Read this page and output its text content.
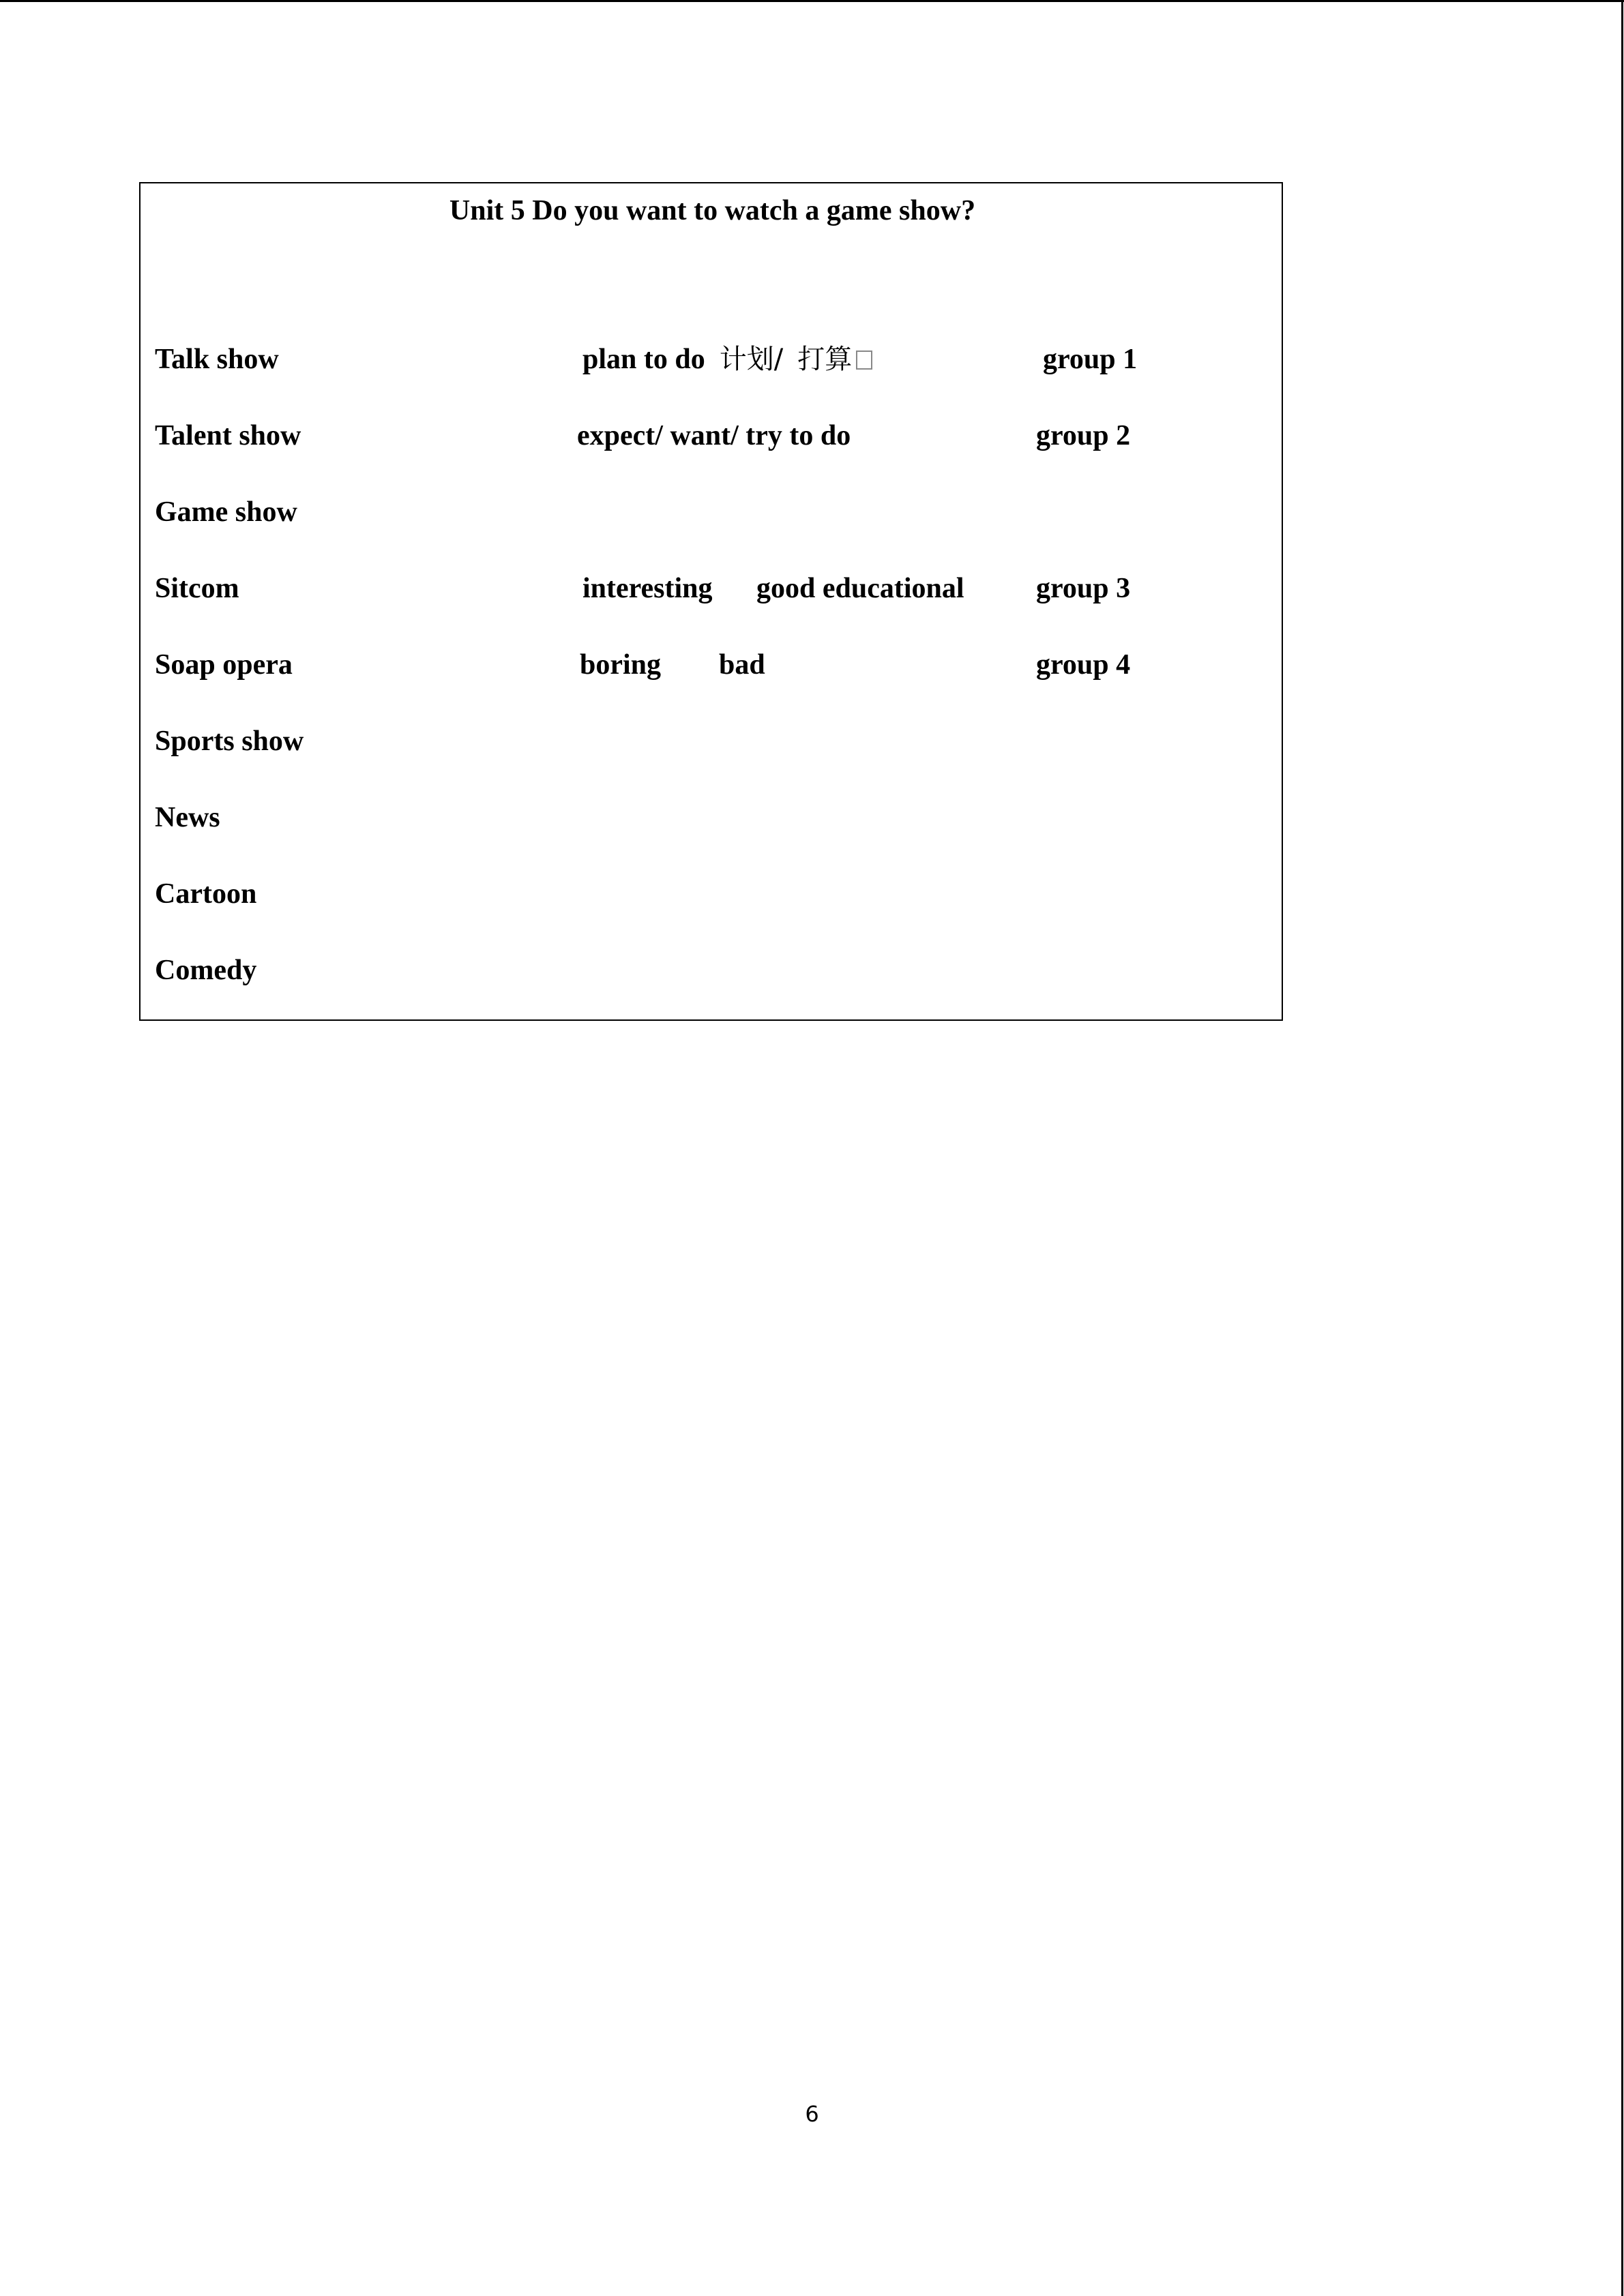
Unit 5 Do you want to watch a game show?
Talk show
Talent show
Game show
Sitcom
Soap opera
Sports show
News
Cartoon
Comedy
plan to do 计划/ 打算
expect/ want/ try to do
interesting good educational
boring bad
group 1
group 2
group 3
group 4
6
